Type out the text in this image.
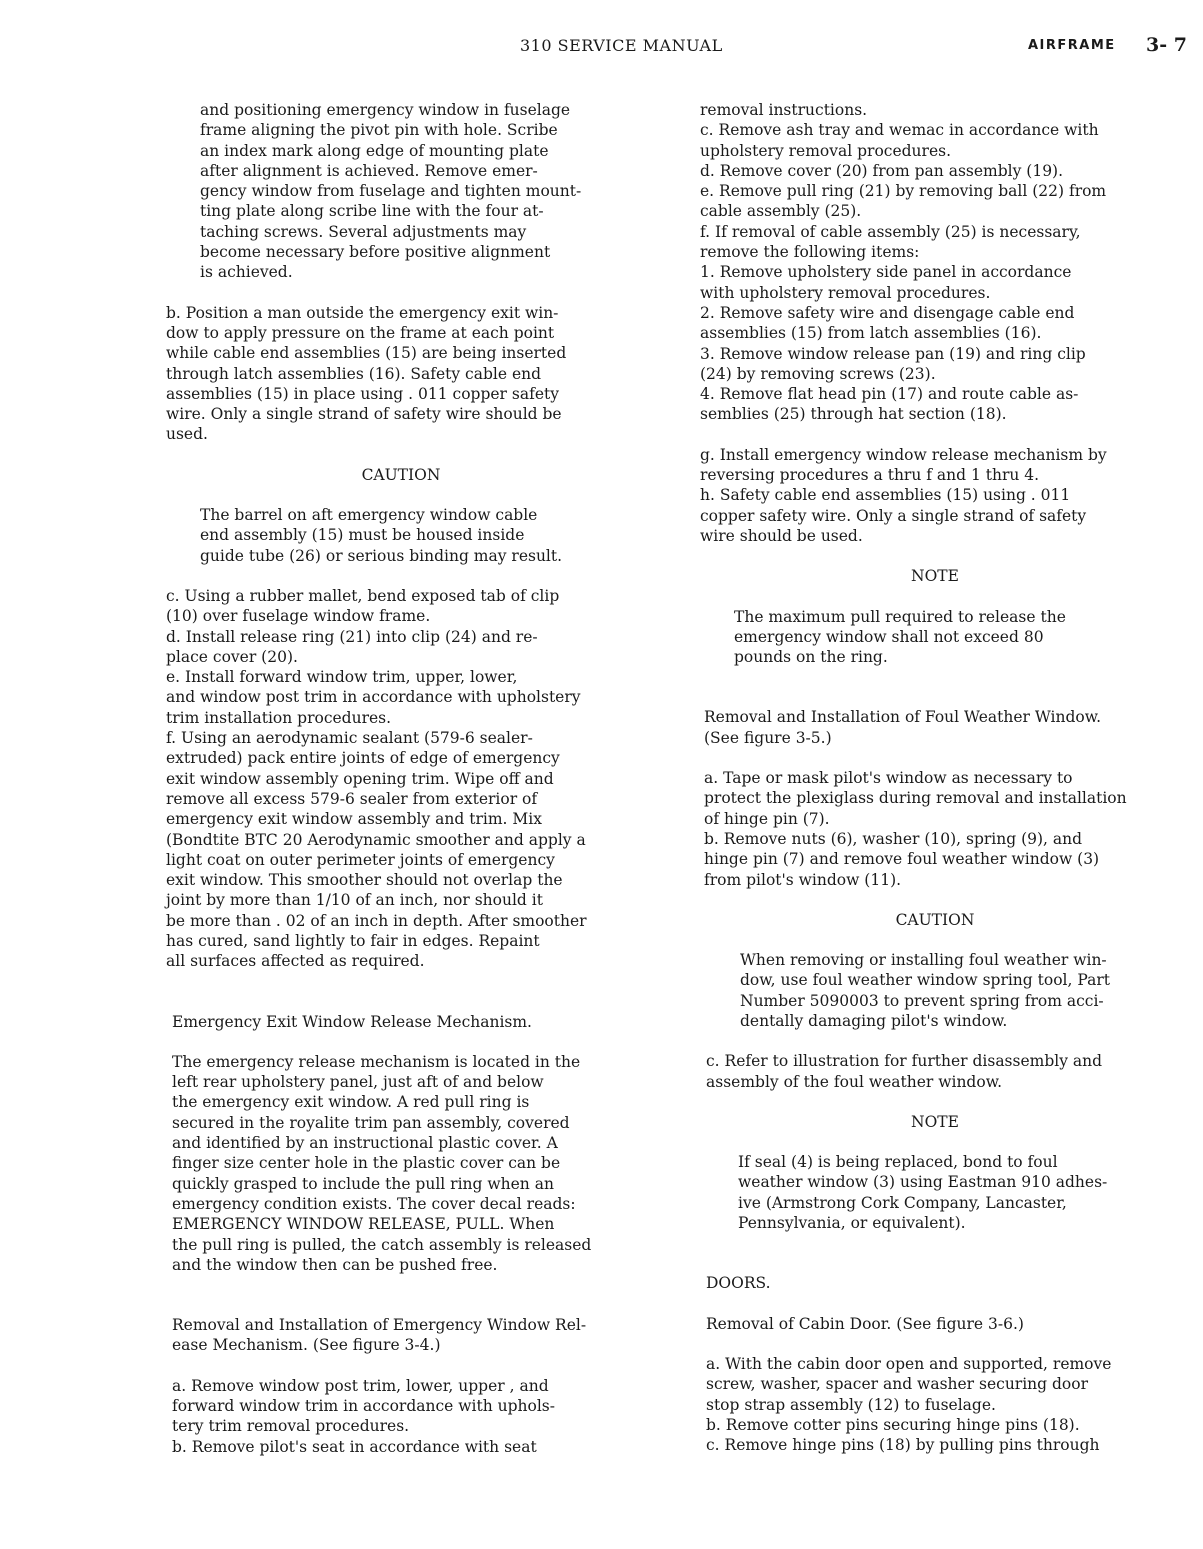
310 SERVICE MANUAL	AIRFRAME 3- 7
and positioning emergency window in fuselage
frame aligning the pivot pin with hole. Scribe
an index mark along edge of mounting plate
after alignment is achieved. Remove emer-
gency window from fuselage and tighten mount-
ting plate along scribe line with the four at-
taching screws. Several adjustments may
become necessary before positive alignment
is achieved.
b. Position a man outside the emergency exit win-
dow to apply pressure on the frame at each point
while cable end assemblies (15) are being inserted
through latch assemblies (16). Safety cable end
assemblies (15) in place using . 011 copper safety
wire. Only a single strand of safety wire should be
used.
CAUTION
The barrel on aft emergency window cable
end assembly (15) must be housed inside
guide tube (26) or serious binding may result.
c. Using a rubber mallet, bend exposed tab of clip
(10) over fuselage window frame.
d. Install release ring (21) into clip (24) and re-
place cover (20).
e. Install forward window trim, upper, lower,
and window post trim in accordance with upholstery
trim installation procedures.
f. Using an aerodynamic sealant (579-6 sealer-
extruded) pack entire joints of edge of emergency
exit window assembly opening trim. Wipe off and
remove all excess 579-6 sealer from exterior of
emergency exit window assembly and trim. Mix
(Bondtite BTC 20 Aerodynamic smoother and apply a
light coat on outer perimeter joints of emergency
exit window. This smoother should not overlap the
joint by more than 1/10 of an inch, nor should it
be more than . 02 of an inch in depth. After smoother
has cured, sand lightly to fair in edges. Repaint
all surfaces affected as required.
Emergency Exit Window Release Mechanism.
The emergency release mechanism is located in the
left rear upholstery panel, just aft of and below
the emergency exit window. A red pull ring is
secured in the royalite trim pan assembly, covered
and identified by an instructional plastic cover. A
finger size center hole in the plastic cover can be
quickly grasped to include the pull ring when an
emergency condition exists. The cover decal reads:
EMERGENCY WINDOW RELEASE, PULL. When
the pull ring is pulled, the catch assembly is released
and the window then can be pushed free.
Removal and Installation of Emergency Window Rel-
ease Mechanism. (See figure 3-4.)
a. Remove window post trim, lower, upper , and
forward window trim in accordance with uphols-
tery trim removal procedures.
b. Remove pilot's seat in accordance with seat
removal instructions.
c. Remove ash tray and wemac in accordance with
upholstery removal procedures.
d. Remove cover (20) from pan assembly (19).
e. Remove pull ring (21) by removing ball (22) from
cable assembly (25).
f. If removal of cable assembly (25) is necessary,
remove the following items:
1. Remove upholstery side panel in accordance
with upholstery removal procedures.
2. Remove safety wire and disengage cable end
assemblies (15) from latch assemblies (16).
3. Remove window release pan (19) and ring clip
(24) by removing screws (23).
4. Remove flat head pin (17) and route cable as-
semblies (25) through hat section (18).
g. Install emergency window release mechanism by
reversing procedures a thru f and 1 thru 4.
h. Safety cable end assemblies (15) using . 011
copper safety wire. Only a single strand of safety
wire should be used.
NOTE
The maximum pull required to release the
emergency window shall not exceed 80
pounds on the ring.
Removal and Installation of Foul Weather Window.
(See figure 3-5.)
a. Tape or mask pilot's window as necessary to
protect the plexiglass during removal and installation
of hinge pin (7).
b. Remove nuts (6), washer (10), spring (9), and
hinge pin (7) and remove foul weather window (3)
from pilot's window (11).
CAUTION
When removing or installing foul weather win-
dow, use foul weather window spring tool, Part
Number 5090003 to prevent spring from acci-
dentally damaging pilot's window.
c. Refer to illustration for further disassembly and
assembly of the foul weather window.
NOTE
If seal (4) is being replaced, bond to foul
weather window (3) using Eastman 910 adhes-
ive (Armstrong Cork Company, Lancaster,
Pennsylvania, or equivalent).
DOORS.
Removal of Cabin Door. (See figure 3-6.)
a. With the cabin door open and supported, remove
screw, washer, spacer and washer securing door
stop strap assembly (12) to fuselage.
b. Remove cotter pins securing hinge pins (18).
c. Remove hinge pins (18) by pulling pins through
